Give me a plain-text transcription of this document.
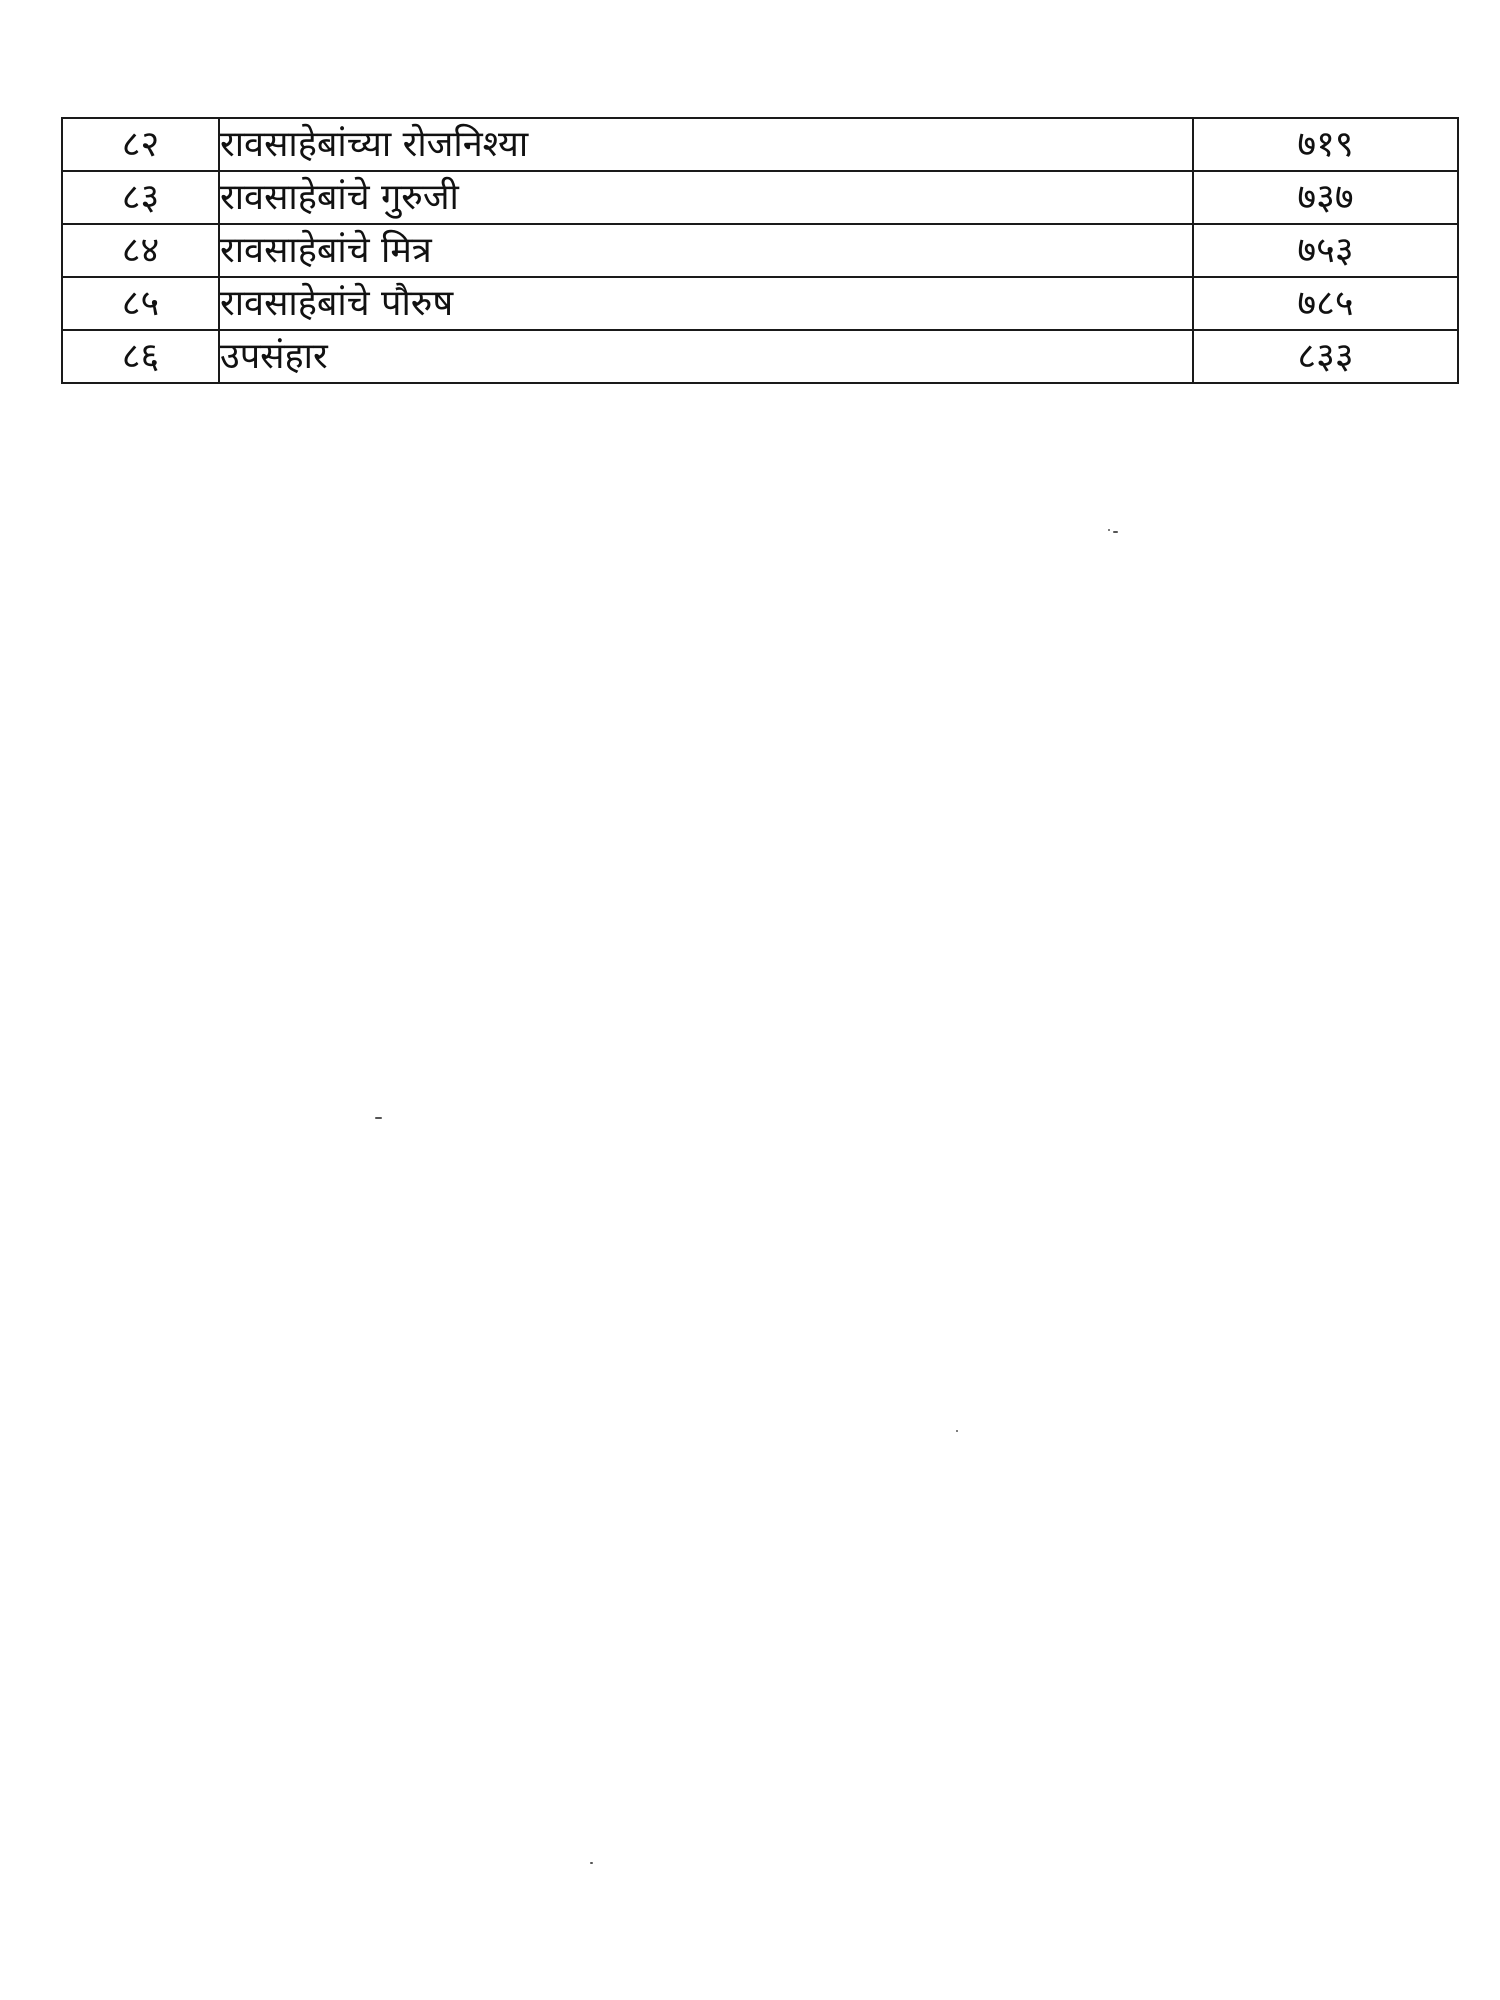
८२	रावसाहेबांच्या रोजनिश्या	७१९
८३	रावसाहेबांचे गुरुजी	७३७
८४	रावसाहेबांचे मित्र	७५३
८५	रावसाहेबांचे पौरुष	७८५
८६	उपसंहार	८३३
